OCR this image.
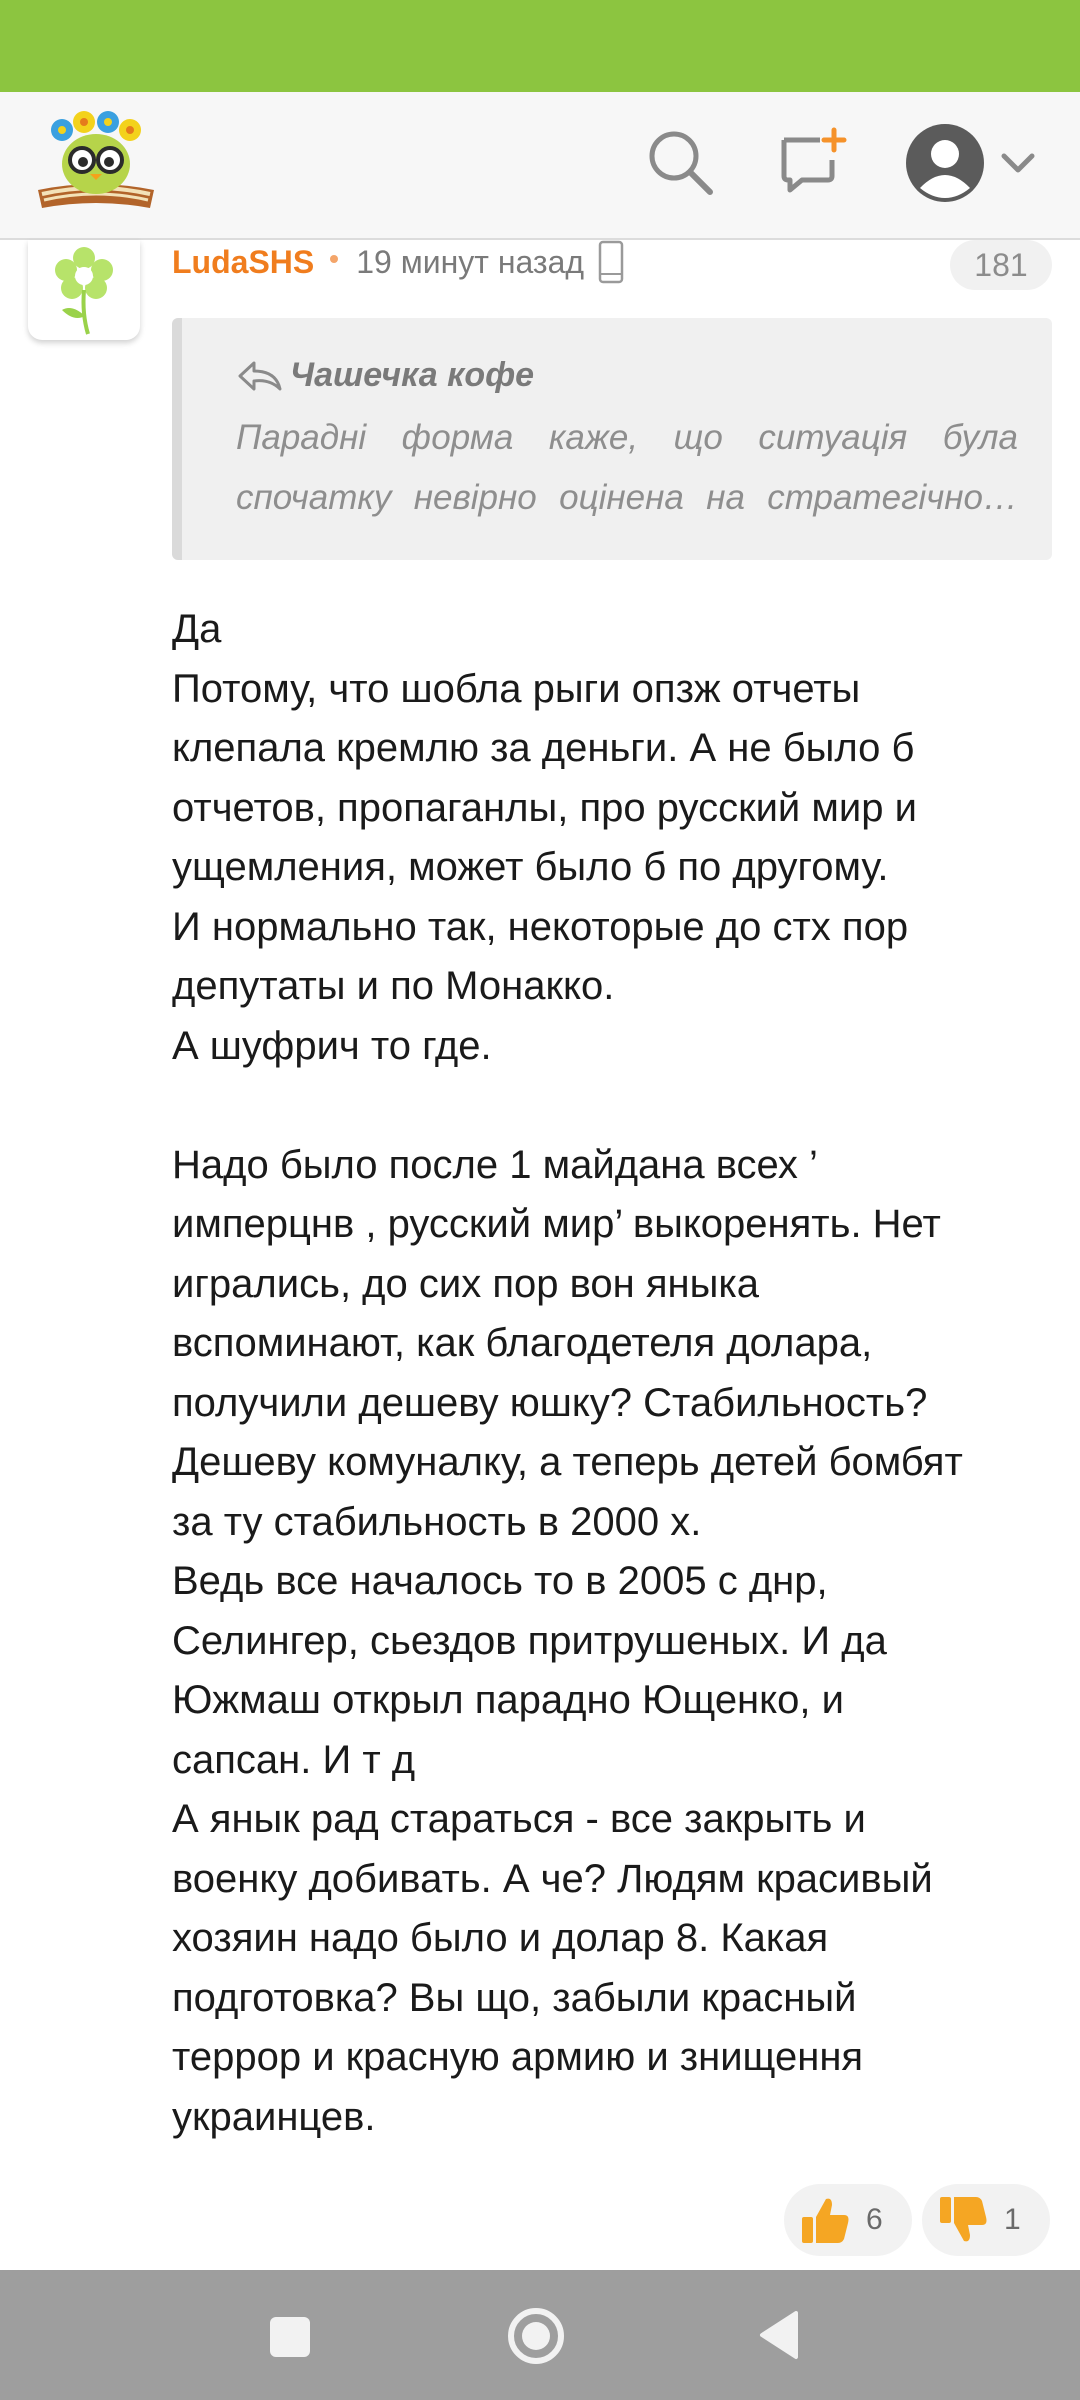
LudaSHS 19 минут назад	181
Чашечка кофе
Парадні форма каже, що ситуація була
спочатку невірно оцінена на стратегічно…
Да
Потому, что шобла рыги опзж отчеты
клепала кремлю за деньги. А не было б
отчетов, пропаганлы, про русский мир и
ущемления, может было б по другому.
И нормально так, некоторые до стх пор
депутаты и по Монакко.
А шуфрич то где.

Надо было после 1 майдана всех ’
имперцнв , русский мир’ выкоренять. Нет
игрались, до сих пор вон яныка
вспоминают, как благодетеля долара,
получили дешеву юшку? Стабильность?
Дешеву комуналку, а теперь детей бомбят
за ту стабильность в 2000 х.
Ведь все началось то в 2005 с днр,
Селингер, сьездов притрушеных. И да
Южмаш открыл парадно Ющенко, и
сапсан. И т д
А янык рад стараться - все закрыть и
военку добивать. А че? Людям красивый
хозяин надо было и долар 8. Какая
подготовка? Вы що, забыли красный
террор и красную армию и знищення
украинцев.
6	1
